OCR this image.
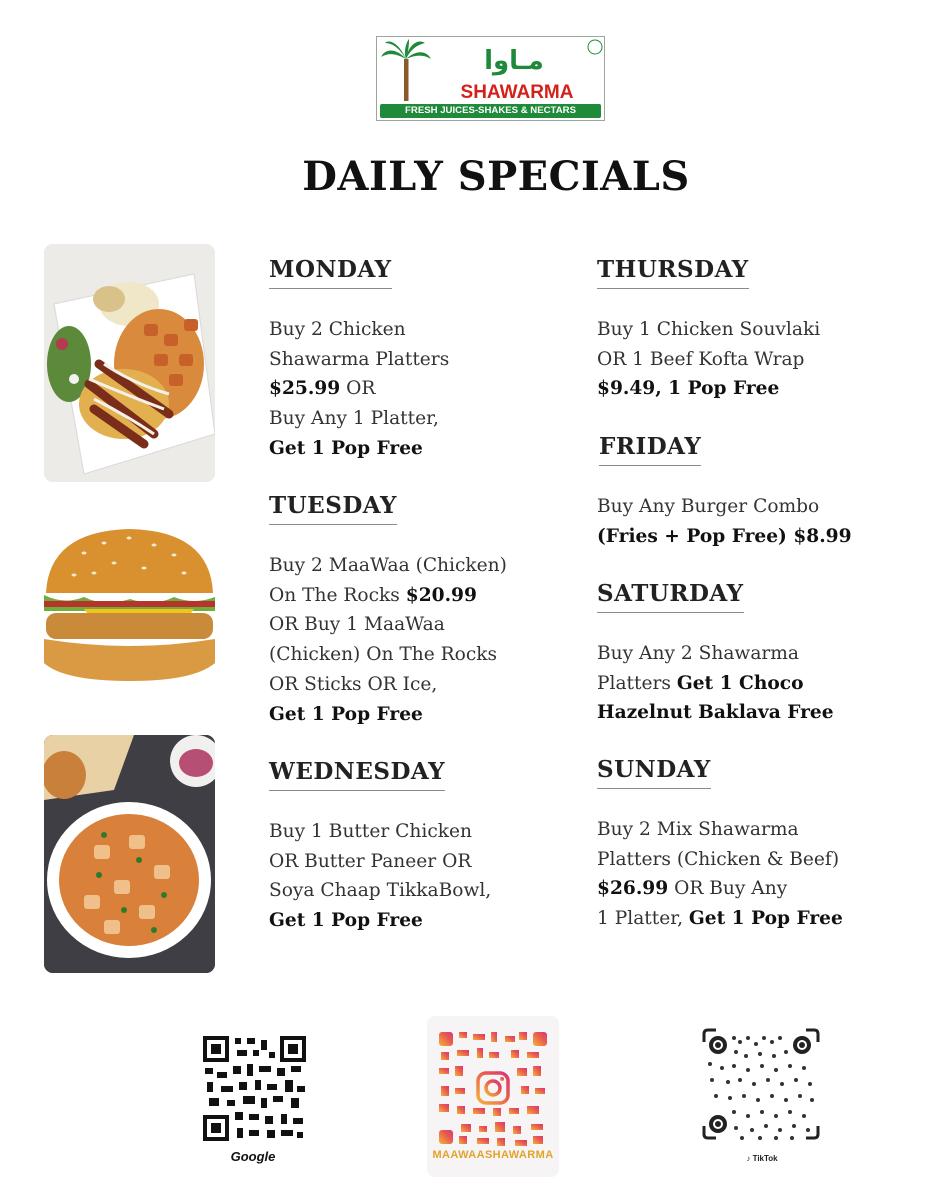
مـاوا
SHAWARMA
FRESH JUICES-SHAKES & NECTARS
DAILY SPECIALS
MONDAY
Buy 2 Chicken
Shawarma Platters
$25.99 OR
Buy Any 1 Platter,
Get 1 Pop Free
TUESDAY
Buy 2 MaaWaa (Chicken)
On The Rocks $20.99
OR Buy 1 MaaWaa
(Chicken) On The Rocks
OR Sticks OR Ice,
Get 1 Pop Free
WEDNESDAY
Buy 1 Butter Chicken
OR Butter Paneer OR
Soya Chaap TikkaBowl,
Get 1 Pop Free
THURSDAY
Buy 1 Chicken Souvlaki
OR 1 Beef Kofta Wrap
$9.49, 1 Pop Free
FRIDAY
Buy Any Burger Combo
(Fries + Pop Free) $8.99
SATURDAY
Buy Any 2 Shawarma
Platters Get 1 Choco
Hazelnut Baklava Free
SUNDAY
Buy 2 Mix Shawarma
Platters (Chicken & Beef)
$26.99 OR Buy Any
1 Platter, Get 1 Pop Free
Google	MAAWAASHAWARMA	♪ TikTok
